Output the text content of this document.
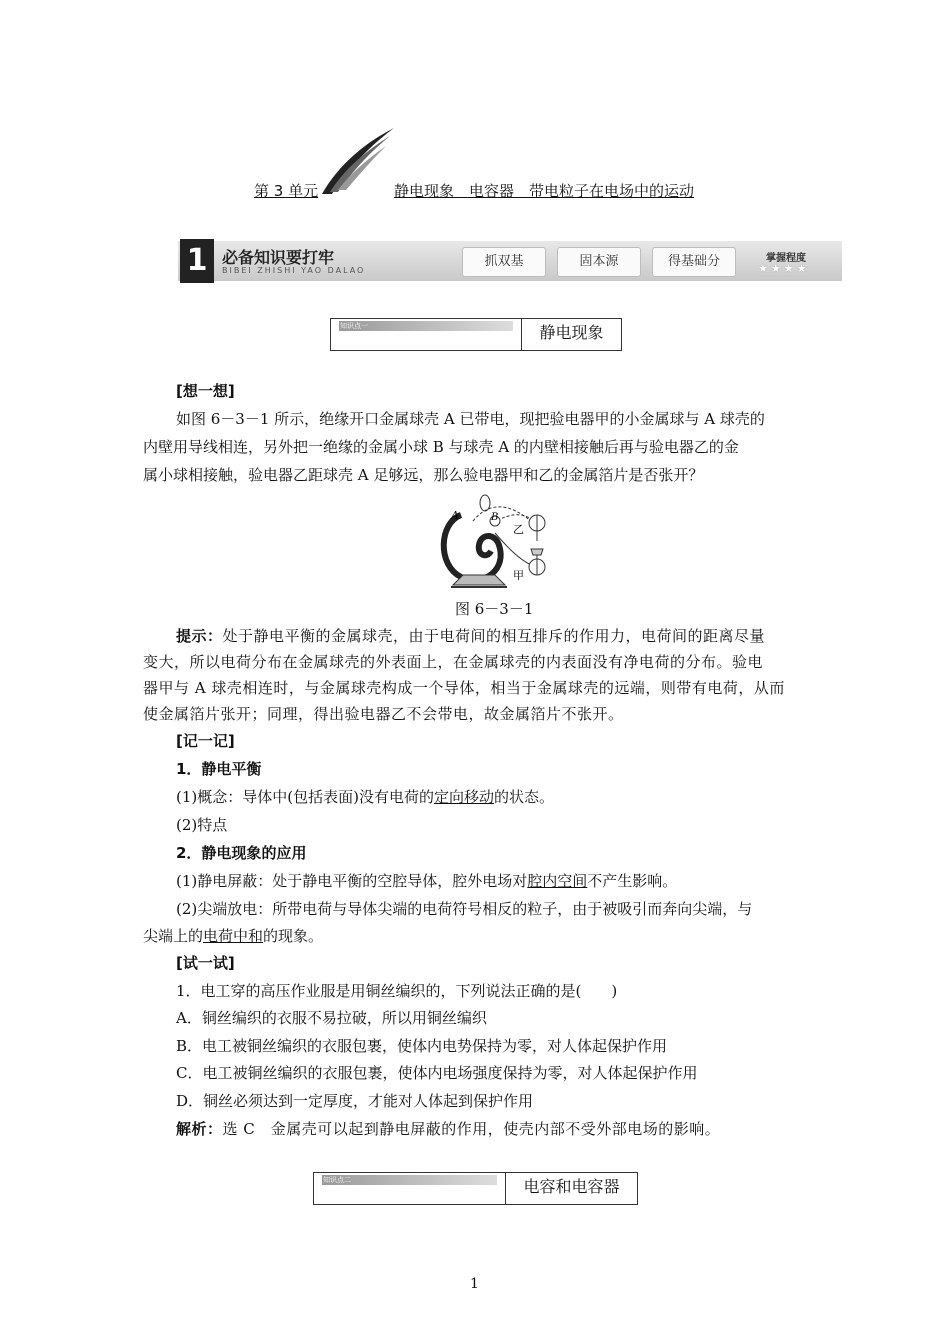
第 3 单元	静电现象　电容器　带电粒子在电场中的运动
1 必备知识要打牢
BIBEI ZHISHI YAO DALAO
抓双基	固本源	得基础分	掌握程度
★★★★
知识点一	静电现象
[想一想]
如图 6－3－1 所示，绝缘开口金属球壳 A 已带电，现把验电器甲的小金属球与 A 球壳的
内壁用导线相连，另外把一绝缘的金属小球 B 与球壳 A 的内壁相接触后再与验电器乙的金
属小球相接触，验电器乙距球壳 A 足够远，那么验电器甲和乙的金属箔片是否张开？
A	B
乙
甲
图 6－3－1
提示：处于静电平衡的金属球壳，由于电荷间的相互排斥的作用力，电荷间的距离尽量
变大，所以电荷分布在金属球壳的外表面上，在金属球壳的内表面没有净电荷的分布。验电
器甲与 A 球壳相连时，与金属球壳构成一个导体，相当于金属球壳的远端，则带有电荷，从而
使金属箔片张开；同理，得出验电器乙不会带电，故金属箔片不张开。
[记一记]
1．静电平衡
(1)概念：导体中(包括表面)没有电荷的定向移动的状态。
(2)特点
2．静电现象的应用
(1)静电屏蔽：处于静电平衡的空腔导体，腔外电场对腔内空间不产生影响。
(2)尖端放电：所带电荷与导体尖端的电荷符号相反的粒子，由于被吸引而奔向尖端，与
尖端上的电荷中和的现象。
[试一试]
1．电工穿的高压作业服是用铜丝编织的，下列说法正确的是(　　)
A．铜丝编织的衣服不易拉破，所以用铜丝编织
B．电工被铜丝编织的衣服包裹，使体内电势保持为零，对人体起保护作用
C．电工被铜丝编织的衣服包裹，使体内电场强度保持为零，对人体起保护作用
D．铜丝必须达到一定厚度，才能对人体起到保护作用
解析：选 C　金属壳可以起到静电屏蔽的作用，使壳内部不受外部电场的影响。
知识点二	电容和电容器
1
